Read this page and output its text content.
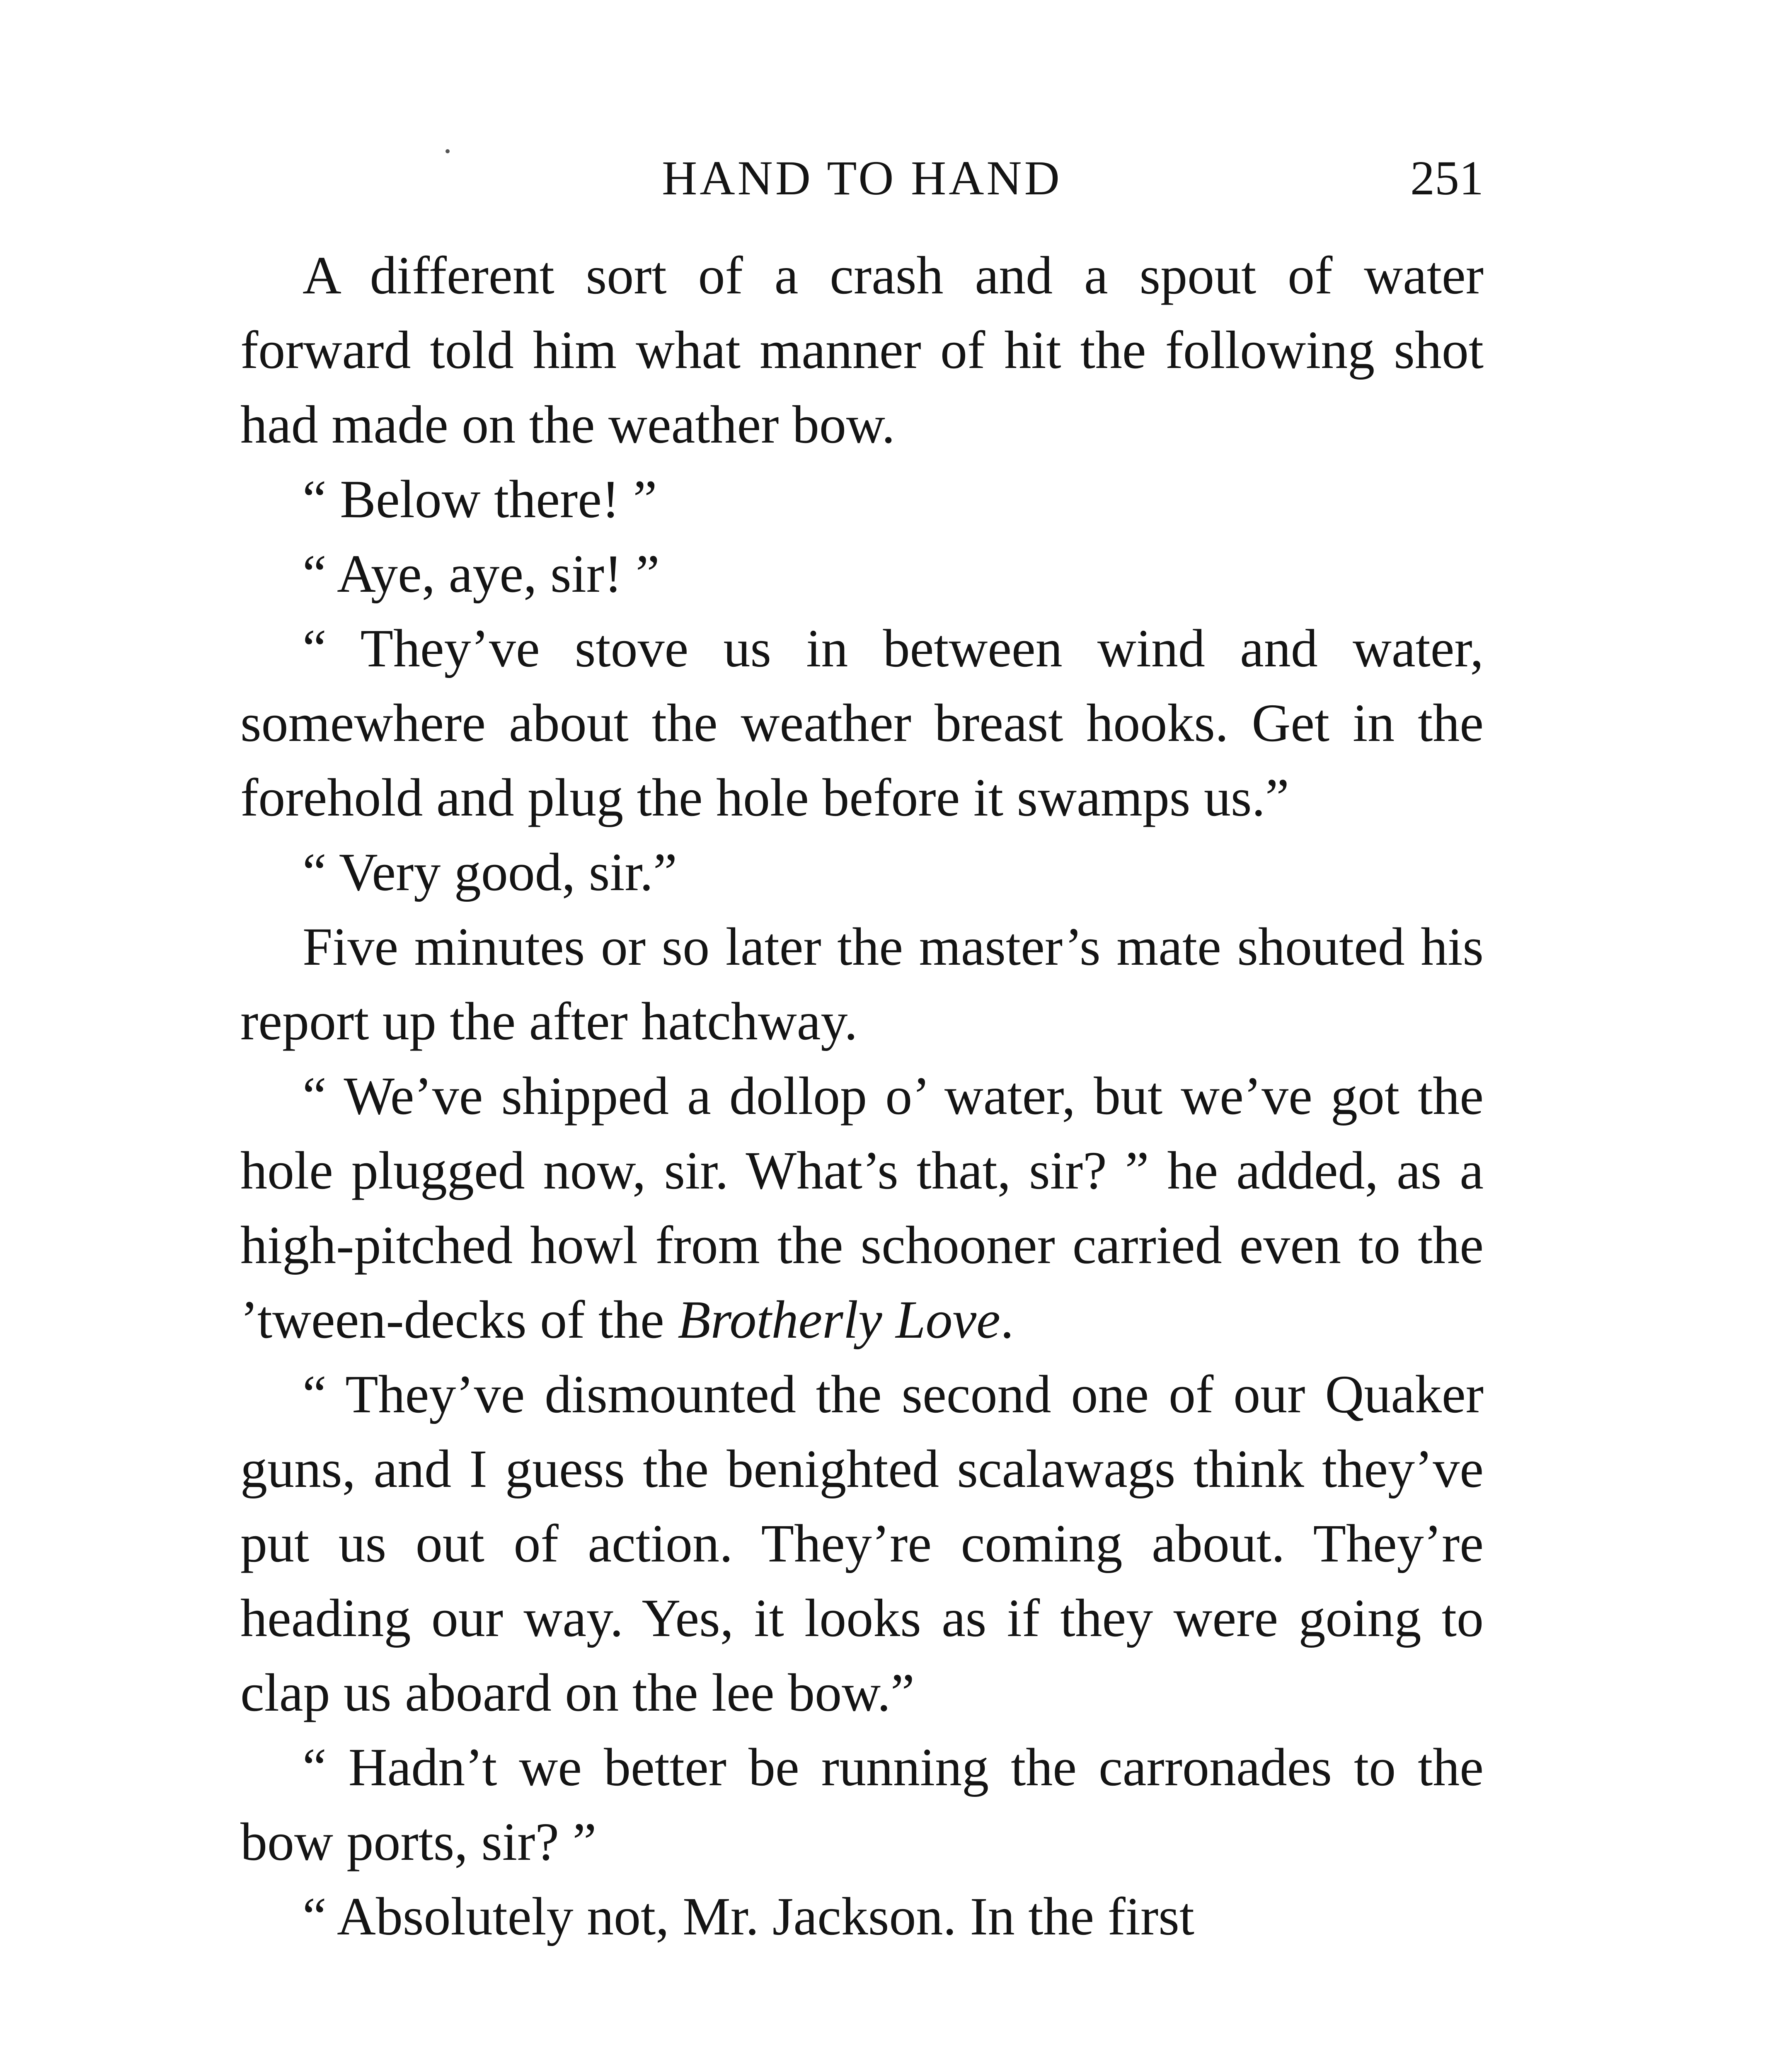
HAND TO HAND	251

A different sort of a crash and a spout of water forward told him what manner of hit the following shot had made on the weather bow.

“ Below there! ”

“ Aye, aye, sir! ”

“ They’ve stove us in between wind and water, somewhere about the weather breast hooks. Get in the forehold and plug the hole before it swamps us.”

“ Very good, sir.”

Five minutes or so later the master’s mate shouted his report up the after hatchway.

“ We’ve shipped a dollop o’ water, but we’ve got the hole plugged now, sir. What’s that, sir? ” he added, as a high-pitched howl from the schooner carried even to the ’tween-decks of the Brotherly Love.

“ They’ve dismounted the second one of our Quaker guns, and I guess the benighted scalawags think they’ve put us out of action. They’re coming about. They’re heading our way. Yes, it looks as if they were going to clap us aboard on the lee bow.”

“ Hadn’t we better be running the carronades to the bow ports, sir? ”

“ Absolutely not, Mr. Jackson. In the first
